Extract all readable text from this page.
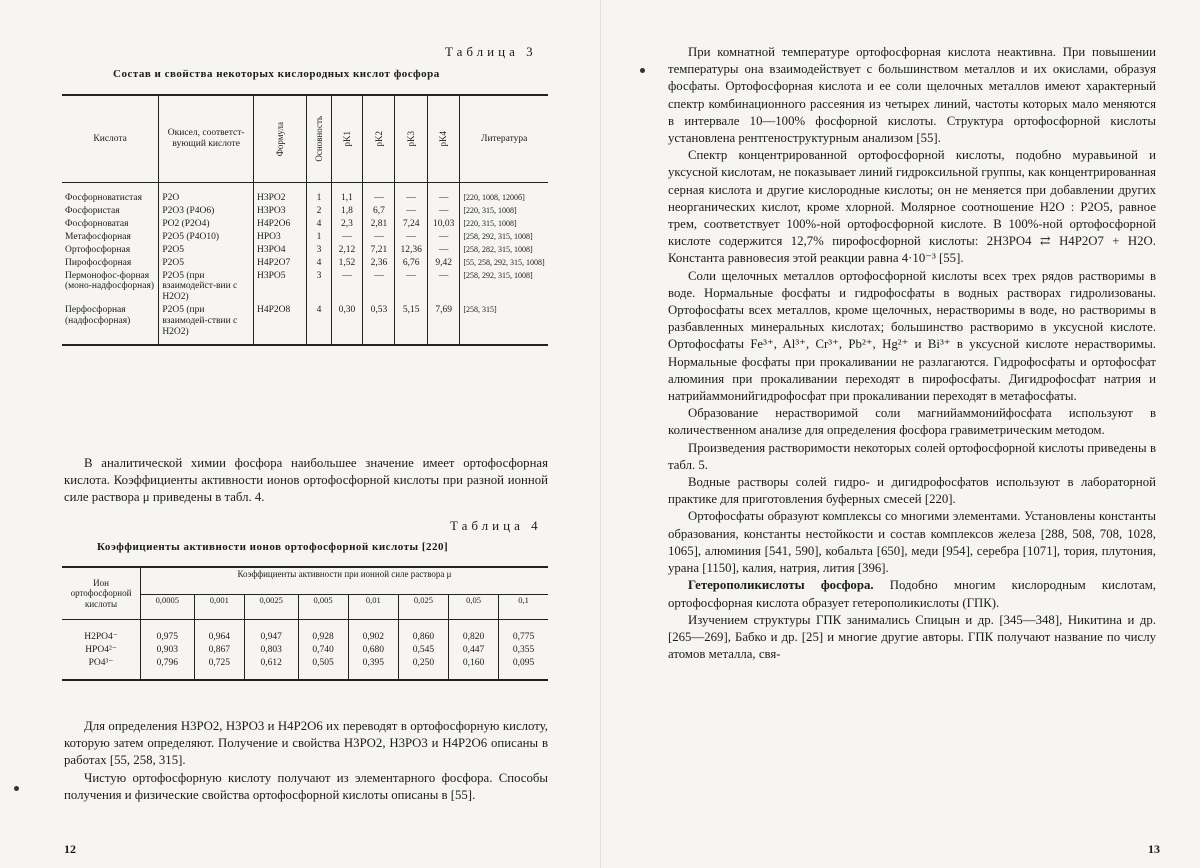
Таблица 3
Состав и свойства некоторых кислородных кислот фосфора
Кислота	Окисел, соответст-вующий кислоте	Формула	Основность	pK1	pK2	pK3	pK4	Литература
Фосфорноватистая	P2O	H3PO2	1	1,1	—	—	—	[220, 1008, 1200б]
Фосфористая	P2O3 (P4O6)	H3PO3	2	1,8	6,7	—	—	[220, 315, 1008]
Фосфорноватая	PO2 (P2O4)	H4P2O6	4	2,3	2,81	7,24	10,03	[220, 315, 1008]
Метафосфорная	P2O5 (P4O10)	HPO3	1	—	—	—	—	[258, 292, 315, 1008]
Ортофосфорная	P2O5	H3PO4	3	2,12	7,21	12,36	—	[258, 282, 315, 1008]
Пирофосфорная	P2O5	H4P2O7	4	1,52	2,36	6,76	9,42	[55, 258, 292, 315, 1008]
Пермонофос-форная (моно-надфосфорная)	P2O5 (при взаимодейст-вии с H2O2)	H3PO5	3	—	—	—	—	[258, 292, 315, 1008]
Перфосфорная (надфосфорная)	P2O5 (при взаимодей-ствии с H2O2)	H4P2O8	4	0,30	0,53	5,15	7,69	[258, 315]

В аналитической химии фосфора наибольшее значение имеет ортофосфорная кислота. Коэффициенты активности ионов ортофосфорной кислоты при разной ионной силе раствора μ приведены в табл. 4.

Таблица 4
Коэффициенты активности ионов ортофосфорной кислоты [220]
Ион ортофосфорной кислоты	Коэффициенты активности при ионной силе раствора μ							
	0,0005	0,001	0,0025	0,005	0,01	0,025	0,05	0,1
H2PO4⁻	0,975	0,964	0,947	0,928	0,902	0,860	0,820	0,775
HPO4²⁻	0,903	0,867	0,803	0,740	0,680	0,545	0,447	0,355
PO4³⁻	0,796	0,725	0,612	0,505	0,395	0,250	0,160	0,095

Для определения H3PO2, H3PO3 и H4P2O6 их переводят в ортофосфорную кислоту, которую затем определяют. Получение и свойства H3PO2, H3PO3 и H4P2O6 описаны в работах [55, 258, 315].

Чистую ортофосфорную кислоту получают из элементарного фосфора. Способы получения и физические свойства ортофосфорной кислоты описаны в [55].

12

При комнатной температуре ортофосфорная кислота неактивна. При повышении температуры она взаимодействует с большинством металлов и их окислами, образуя фосфаты. Ортофосфорная кислота и ее соли щелочных металлов имеют характерный спектр комбинационного рассеяния из четырех линий, частоты которых мало меняются в интервале 10—100% фосфорной кислоты. Структура ортофосфорной кислоты установлена рентгеноструктурным анализом [55].

Спектр концентрированной ортофосфорной кислоты, подобно муравьиной и уксусной кислотам, не показывает линий гидроксильной группы, как концентрированная серная кислота и другие кислородные кислоты; он не меняется при добавлении других неорганических кислот, кроме хлорной. Молярное соотношение H2O : P2O5, равное трем, соответствует 100%-ной ортофосфорной кислоте. В 100%-ной ортофосфорной кислоте содержится 12,7% пирофосфорной кислоты: 2H3PO4 ⇄ H4P2O7 + H2O. Константа равновесия этой реакции равна 4·10⁻³ [55].

Соли щелочных металлов ортофосфорной кислоты всех трех рядов растворимы в воде. Нормальные фосфаты и гидрофосфаты в водных растворах гидролизованы. Ортофосфаты всех металлов, кроме щелочных, нерастворимы в воде, но растворимы в разбавленных минеральных кислотах; большинство растворимо в уксусной кислоте. Ортофосфаты Fe³⁺, Al³⁺, Cr³⁺, Pb²⁺, Hg²⁺ и Bi³⁺ в уксусной кислоте нерастворимы. Нормальные фосфаты при прокаливании не разлагаются. Гидрофосфаты и ортофосфат алюминия при прокаливании переходят в пирофосфаты. Дигидрофосфат натрия и натрийаммонийгидрофосфат при прокаливании переходят в метафосфаты.

Образование нерастворимой соли магнийаммонийфосфата используют в количественном анализе для определения фосфора гравиметрическим методом.

Произведения растворимости некоторых солей ортофосфорной кислоты приведены в табл. 5.

Водные растворы солей гидро- и дигидрофосфатов используют в лабораторной практике для приготовления буферных смесей [220].

Ортофосфаты образуют комплексы со многими элементами. Установлены константы образования, константы нестойкости и состав комплексов железа [288, 508, 708, 1028, 1065], алюминия [541, 590], кобальта [650], меди [954], серебра [1071], тория, плутония, урана [1150], калия, натрия, лития [396].

Гетерополикислоты фосфора. Подобно многим кислородным кислотам, ортофосфорная кислота образует гетерополикислоты (ГПК).

Изучением структуры ГПК занимались Спицын и др. [345—348], Никитина и др. [265—269], Бабко и др. [25] и многие другие авторы. ГПК получают название по числу атомов металла, свя-

13
